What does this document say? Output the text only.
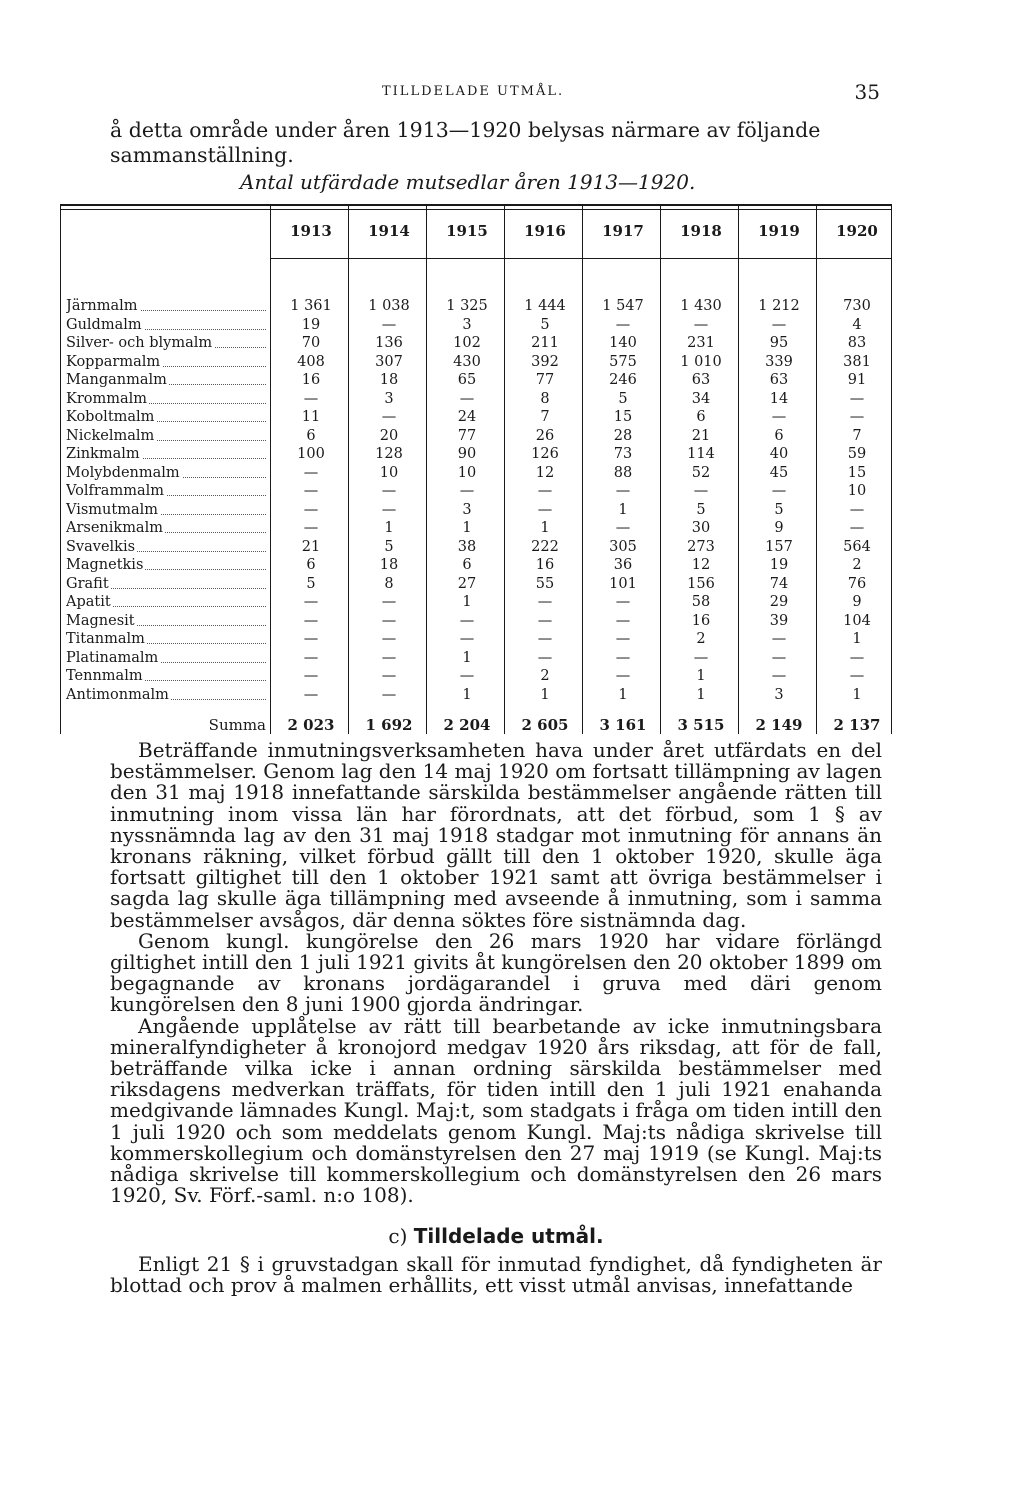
TILLDELADE UTMÅL.	35

å detta område under åren 1913—1920 belysas närmare av följande sammanställning.

Antal utfärdade mutsedlar åren 1913—1920.

1913	1914	1915	1916	1917	1918	1919	1920
Järnmalm	1 361	1 038	1 325	1 444	1 547	1 430	1 212	730
Guldmalm	19	—	3	5	—	—	—	4
Silver- och blymalm	70	136	102	211	140	231	95	83
Kopparmalm	408	307	430	392	575	1 010	339	381
Manganmalm	16	18	65	77	246	63	63	91
Krommalm	—	3	—	8	5	34	14	—
Koboltmalm	11	—	24	7	15	6	—	—
Nickelmalm	6	20	77	26	28	21	6	7
Zinkmalm	100	128	90	126	73	114	40	59
Molybdenmalm	—	10	10	12	88	52	45	15
Volframmalm	—	—	—	—	—	—	—	10
Vismutmalm	—	—	3	—	1	5	5	—
Arsenikmalm	—	1	1	1	—	30	9	—
Svavelkis	21	5	38	222	305	273	157	564
Magnetkis	6	18	6	16	36	12	19	2
Grafit	5	8	27	55	101	156	74	76
Apatit	—	—	1	—	—	58	29	9
Magnesit	—	—	—	—	—	16	39	104
Titanmalm	—	—	—	—	—	2	—	1
Platinamalm	—	—	1	—	—	—	—	—
Tennmalm	—	—	—	2	—	1	—	—
Antimonmalm	—	—	1	1	1	1	3	1
Summa	2 023	1 692	2 204	2 605	3 161	3 515	2 149	2 137

Beträffande inmutningsverksamheten hava under året utfärdats en del bestämmelser. Genom lag den 14 maj 1920 om fortsatt tillämpning av lagen den 31 maj 1918 innefattande särskilda bestämmelser angående rätten till inmutning inom vissa län har förordnats, att det förbud, som 1 § av nyssnämnda lag av den 31 maj 1918 stadgar mot inmutning för annans än kronans räkning, vilket förbud gällt till den 1 oktober 1920, skulle äga fortsatt giltighet till den 1 oktober 1921 samt att övriga bestämmelser i sagda lag skulle äga tillämpning med avseende å inmutning, som i samma bestämmelser avsågos, där denna söktes före sistnämnda dag.

Genom kungl. kungörelse den 26 mars 1920 har vidare förlängd giltighet intill den 1 juli 1921 givits åt kungörelsen den 20 oktober 1899 om begagnande av kronans jordägarandel i gruva med däri genom kungörelsen den 8 juni 1900 gjorda ändringar.

Angående upplåtelse av rätt till bearbetande av icke inmutningsbara mineralfyndigheter å kronojord medgav 1920 års riksdag, att för de fall, beträffande vilka icke i annan ordning särskilda bestämmelser med riksdagens medverkan träffats, för tiden intill den 1 juli 1921 enahanda medgivande lämnades Kungl. Maj:t, som stadgats i fråga om tiden intill den 1 juli 1920 och som meddelats genom Kungl. Maj:ts nådiga skrivelse till kommerskollegium och domänstyrelsen den 27 maj 1919 (se Kungl. Maj:ts nådiga skrivelse till kommerskollegium och domänstyrelsen den 26 mars 1920, Sv. Förf.-saml. n:o 108).

c) Tilldelade utmål.

Enligt 21 § i gruvstadgan skall för inmutad fyndighet, då fyndigheten är blottad och prov å malmen erhållits, ett visst utmål anvisas, innefattande
